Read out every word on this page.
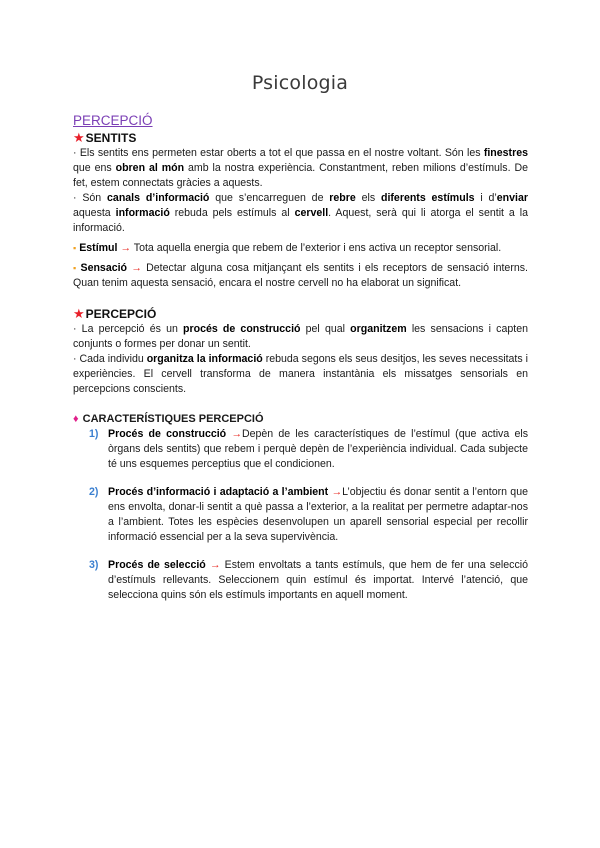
Psicologia
PERCEPCIÓ
★SENTITS

· Els sentits ens permeten estar oberts a tot el que passa en el nostre voltant. Són les finestres que ens obren al món amb la nostra experiència. Constantment, reben milions d’estímuls. De fet, estem connectats gràcies a aquests.

· Són canals d’informació que s’encarreguen de rebre els diferents estímuls i d’enviar aquesta informació rebuda pels estímuls al cervell. Aquest, serà qui li atorga el sentit a la informació.

▪ Estímul → Tota aquella energia que rebem de l’exterior i ens activa un receptor sensorial.

▪ Sensació → Detectar alguna cosa mitjançant els sentits i els receptors de sensació interns. Quan tenim aquesta sensació, encara el nostre cervell no ha elaborat un significat.

★PERCEPCIÓ

· La percepció és un procés de construcció pel qual organitzem les sensacions i capten conjunts o formes per donar un sentit.

· Cada individu organitza la informació rebuda segons els seus desitjos, les seves necessitats i experiències. El cervell transforma de manera instantània els missatges sensorials en percepcions conscients.

♦ CARACTERÍSTIQUES PERCEPCIÓ
1) Procés de construcció →Depèn de les característiques de l’estímul (que activa els òrgans dels sentits) que rebem i perquè depèn de l’experiència individual. Cada subjecte té uns esquemes perceptius que el condicionen.

2) Procés d’informació i adaptació a l’ambient →L’objectiu és donar sentit a l’entorn que ens envolta, donar-li sentit a què passa a l’exterior, a la realitat per permetre adaptar-nos a l’ambient. Totes les espècies desenvolupen un aparell sensorial especial per recollir informació essencial per a la seva supervivència.

3) Procés de selecció → Estem envoltats a tants estímuls, que hem de fer una selecció d’estímuls rellevants. Seleccionem quin estímul és importat. Intervé l’atenció, que selecciona quins són els estímuls importants en aquell moment.
